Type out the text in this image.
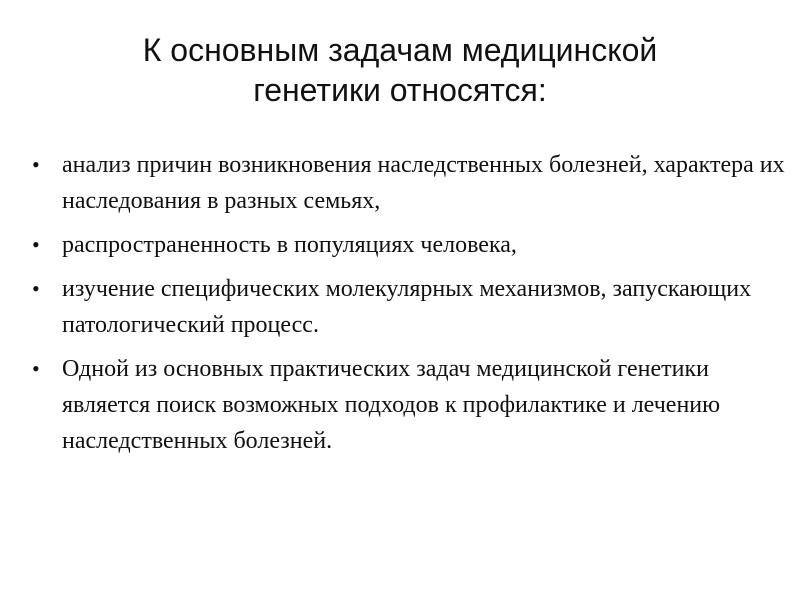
К основным задачам медицинской
генетики относятся:
• анализ причин возникновения наследственных болезней, характера их наследования в разных семьях,
• распространенность в популяциях человека,
• изучение специфических молекулярных механизмов, запускающих патологический процесс.
• Одной из основных практических задач медицинской генетики является поиск возможных подходов к профилактике и лечению наследственных болезней.
